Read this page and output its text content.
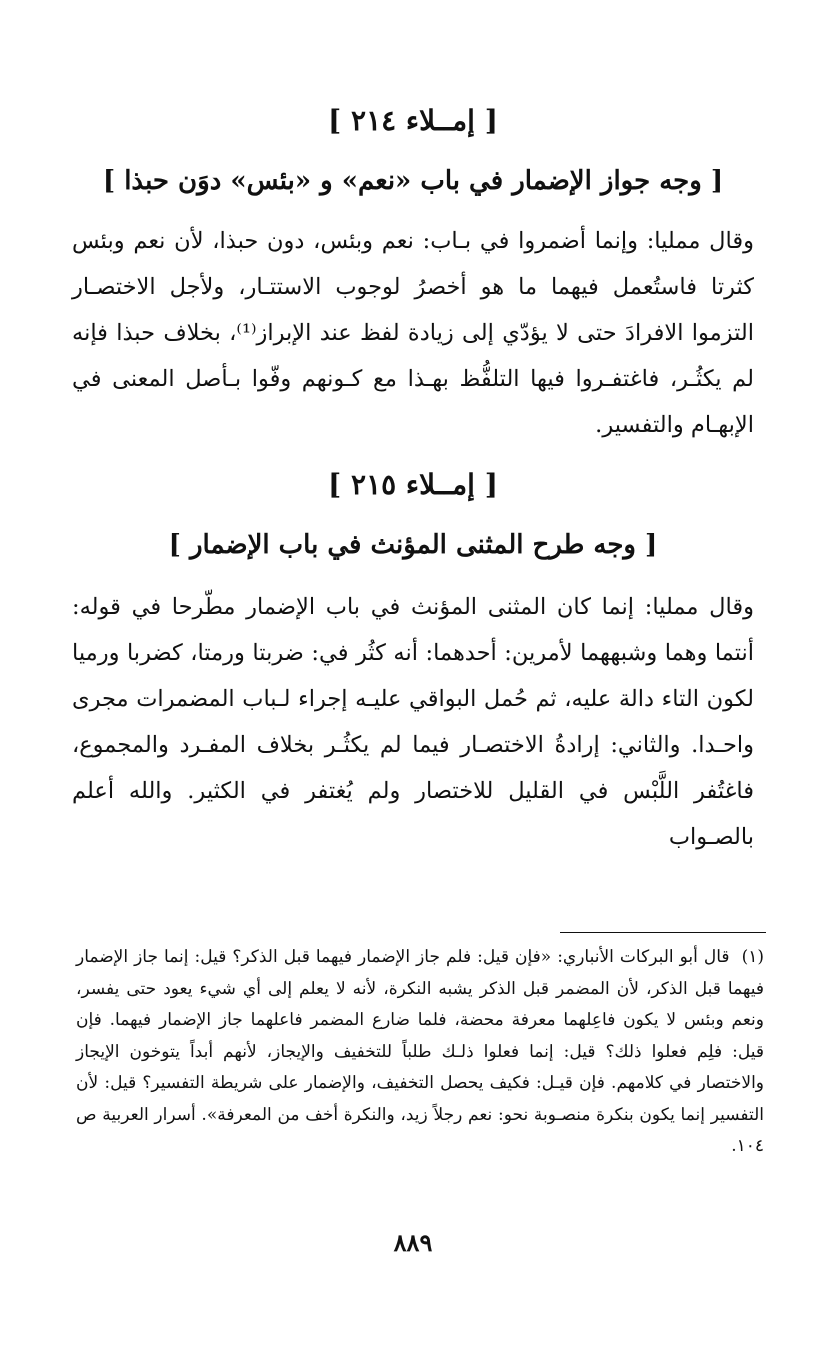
[ إمــلاء ٢١٤ ]
[ وجه جواز الإضمار في باب «نعم» و «بئس» دوَن حبذا ]

وقال ممليا: وإنما أضمروا في بـاب: نعم وبئس، دون حبذا، لأن نعم وبئس كثرتا فاستُعمل فيهما ما هو أخصرُ لوجوب الاستتـار، ولأجل الاختصـار التزموا الافرادَ حتى لا يؤدّي إلى زيادة لفظ عند الإبراز⁽¹⁾، بخلاف حبذا فإنه لم يكثُـر، فاغتفـروا فيها التلفُّظ بهـذا مع كـونهم وفّوا بـأصل المعنى في الإبهـام والتفسير.

[ إمــلاء ٢١٥ ]
[ وجه طرح المثنى المؤنث في باب الإضمار ]

وقال ممليا: إنما كان المثنى المؤنث في باب الإضمار مطّرحا في قوله: أنتما وهما وشبههما لأمرين: أحدهما: أنه كثُر في: ضربتا ورمتا، كضربا ورميا لكون التاء دالة عليه، ثم حُمل البواقي عليـه إجراء لـباب المضمرات مجرى واحـدا. والثاني: إرادةُ الاختصـار فيما لم يكثُـر بخلاف المفـرد والمجموع، فاغتُفر اللَّبْس في القليل للاختصار ولم يُغتفر في الكثير. والله أعلم بالصـواب

(١) قال أبو البركات الأنباري: «فإن قيل: فلم جاز الإضمار فيهما قبل الذكر؟ قيل: إنما جاز الإضمار فيهما قبل الذكر، لأن المضمر قبل الذكر يشبه النكرة، لأنه لا يعلم إلى أي شيء يعود حتى يفسر، ونعم وبئس لا يكون فاعِلهما معرفة محضة، فلما ضارع المضمر فاعلهما جاز الإضمار فيهما. فإن قيل: فلِم فعلوا ذلك؟ قيل: إنما فعلوا ذلـك طلباً للتخفيف والإيجاز، لأنهم أبداً يتوخون الإيجاز والاختصار في كلامهم. فإن قيـل: فكيف يحصل التخفيف، والإضمار على شريطة التفسير؟ قيل: لأن التفسير إنما يكون بنكرة منصـوبة نحو: نعم رجلاً زيد، والنكرة أخف من المعرفة». أسرار العربية ص ١٠٤.
٨٨٩
